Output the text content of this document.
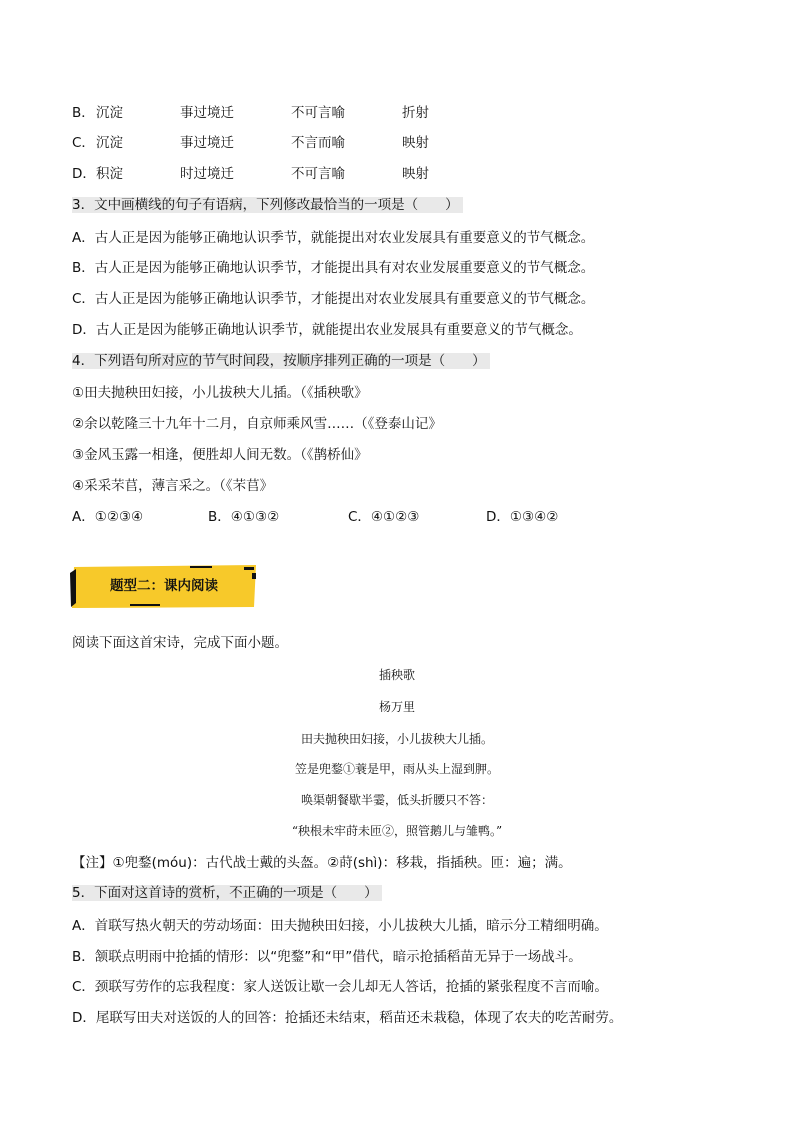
B． 沉淀	事过境迁	不可言喻	折射
C． 沉淀	事过境迁	不言而喻	映射
D． 积淀	时过境迁	不可言喻	映射
3．文中画横线的句子有语病，下列修改最恰当的一项是（　　）
A．古人正是因为能够正确地认识季节，就能提出对农业发展具有重要意义的节气概念。
B．古人正是因为能够正确地认识季节，才能提出具有对农业发展重要意义的节气概念。
C．古人正是因为能够正确地认识季节，才能提出对农业发展具有重要意义的节气概念。
D．古人正是因为能够正确地认识季节，就能提出农业发展具有重要意义的节气概念。
4．下列语句所对应的节气时间段，按顺序排列正确的一项是（　　）
①田夫抛秧田妇接，小儿拔秧大儿插。（《插秧歌》
②余以乾隆三十九年十二月，自京师乘风雪……（《登泰山记》
③金风玉露一相逢，便胜却人间无数。（《鹊桥仙》
④采采芣苢，薄言采之。（《芣苢》
A．①②③④	B．④①③②	C．④①②③	D．①③④②
题型二：课内阅读
阅读下面这首宋诗，完成下面小题。
插秧歌
杨万里
田夫抛秧田妇接，小儿拔秧大儿插。
笠是兜鍪①蓑是甲，雨从头上湿到胛。
唤渠朝餐歇半霎，低头折腰只不答：
“秧根未牢莳未匝②，照管鹅儿与雏鸭。”
【注】①兜鍪(móu)：古代战士戴的头盔。②莳(shì)：移栽，指插秧。匝：遍；满。
5．下面对这首诗的赏析，不正确的一项是（　　）
A．首联写热火朝天的劳动场面：田夫抛秧田妇接，小儿拔秧大儿插，暗示分工精细明确。
B．颔联点明雨中抢插的情形：以“兜鍪”和“甲”借代，暗示抢插稻苗无异于一场战斗。
C．颈联写劳作的忘我程度：家人送饭让歇一会儿却无人答话，抢插的紧张程度不言而喻。
D．尾联写田夫对送饭的人的回答：抢插还未结束，稻苗还未栽稳，体现了农夫的吃苦耐劳。
